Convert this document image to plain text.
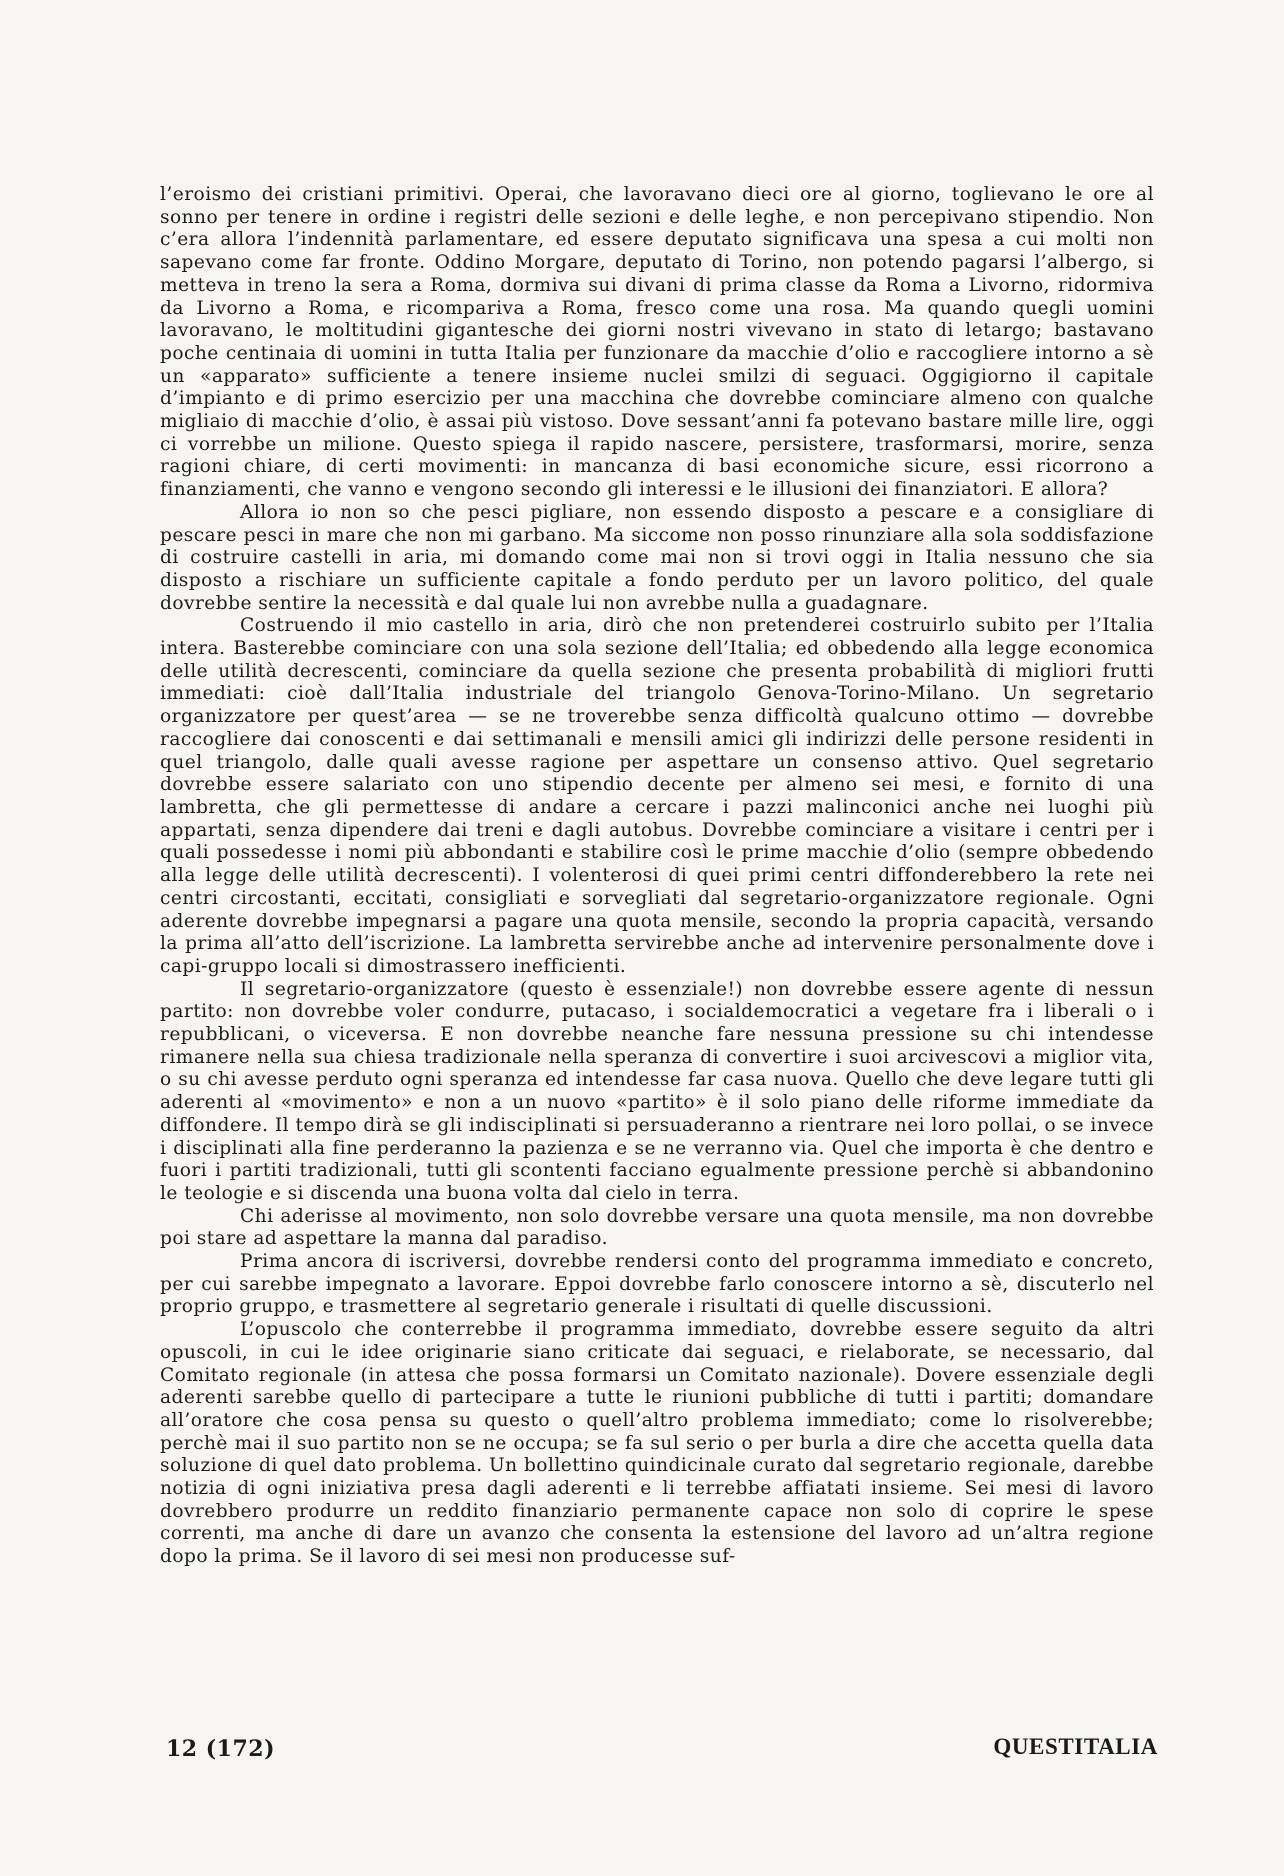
l’eroismo dei cristiani primitivi. Operai, che lavoravano dieci ore al giorno, toglievano le ore al sonno per tenere in ordine i registri delle sezioni e delle leghe, e non percepivano stipendio. Non c’era allora l’indennità parlamentare, ed essere deputato significava una spesa a cui molti non sapevano come far fronte. Oddino Morgare, deputato di Torino, non potendo pagarsi l’albergo, si metteva in treno la sera a Roma, dormiva sui divani di prima classe da Roma a Livorno, ridormiva da Livorno a Roma, e ricompariva a Roma, fresco come una rosa. Ma quando quegli uomini lavoravano, le moltitudini gigantesche dei giorni nostri vivevano in stato di letargo; bastavano poche centinaia di uomini in tutta Italia per funzionare da macchie d’olio e raccogliere intorno a sè un «apparato» sufficiente a tenere insieme nuclei smilzi di seguaci. Oggigiorno il capitale d’impianto e di primo esercizio per una macchina che dovrebbe cominciare almeno con qualche migliaio di macchie d’olio, è assai più vistoso. Dove sessant’anni fa potevano bastare mille lire, oggi ci vorrebbe un milione. Questo spiega il rapido nascere, persistere, trasformarsi, morire, senza ragioni chiare, di certi movimenti: in mancanza di basi economiche sicure, essi ricorrono a finanziamenti, che vanno e vengono secondo gli interessi e le illusioni dei finanziatori. E allora?

Allora io non so che pesci pigliare, non essendo disposto a pescare e a consigliare di pescare pesci in mare che non mi garbano. Ma siccome non posso rinunziare alla sola soddisfazione di costruire castelli in aria, mi domando come mai non si trovi oggi in Italia nessuno che sia disposto a rischiare un sufficiente capitale a fondo perduto per un lavoro politico, del quale dovrebbe sentire la necessità e dal quale lui non avrebbe nulla a guadagnare.

Costruendo il mio castello in aria, dirò che non pretenderei costruirlo subito per l’Italia intera. Basterebbe cominciare con una sola sezione dell’Italia; ed obbedendo alla legge economica delle utilità decrescenti, cominciare da quella sezione che presenta probabilità di migliori frutti immediati: cioè dall’Italia industriale del triangolo Genova-Torino-Milano. Un segretario organizzatore per quest’area — se ne troverebbe senza difficoltà qualcuno ottimo — dovrebbe raccogliere dai conoscenti e dai settimanali e mensili amici gli indirizzi delle persone residenti in quel triangolo, dalle quali avesse ragione per aspettare un consenso attivo. Quel segretario dovrebbe essere salariato con uno stipendio decente per almeno sei mesi, e fornito di una lambretta, che gli permettesse di andare a cercare i pazzi malinconici anche nei luoghi più appartati, senza dipendere dai treni e dagli autobus. Dovrebbe cominciare a visitare i centri per i quali possedesse i nomi più abbondanti e stabilire così le prime macchie d’olio (sempre obbedendo alla legge delle utilità decrescenti). I volenterosi di quei primi centri diffonderebbero la rete nei centri circostanti, eccitati, consigliati e sorvegliati dal segretario-organizzatore regionale. Ogni aderente dovrebbe impegnarsi a pagare una quota mensile, secondo la propria capacità, versando la prima all’atto dell’iscrizione. La lambretta servirebbe anche ad intervenire personalmente dove i capi-gruppo locali si dimostrassero inefficienti.

Il segretario-organizzatore (questo è essenziale!) non dovrebbe essere agente di nessun partito: non dovrebbe voler condurre, putacaso, i socialdemocratici a vegetare fra i liberali o i repubblicani, o viceversa. E non dovrebbe neanche fare nessuna pressione su chi intendesse rimanere nella sua chiesa tradizionale nella speranza di convertire i suoi arcivescovi a miglior vita, o su chi avesse perduto ogni speranza ed intendesse far casa nuova. Quello che deve legare tutti gli aderenti al «movimento» e non a un nuovo «partito» è il solo piano delle riforme immediate da diffondere. Il tempo dirà se gli indisciplinati si persuaderanno a rientrare nei loro pollai, o se invece i disciplinati alla fine perderanno la pazienza e se ne verranno via. Quel che importa è che dentro e fuori i partiti tradizionali, tutti gli scontenti facciano egualmente pressione perchè si abbandonino le teologie e si discenda una buona volta dal cielo in terra.

Chi aderisse al movimento, non solo dovrebbe versare una quota mensile, ma non dovrebbe poi stare ad aspettare la manna dal paradiso.

Prima ancora di iscriversi, dovrebbe rendersi conto del programma immediato e concreto, per cui sarebbe impegnato a lavorare. Eppoi dovrebbe farlo conoscere intorno a sè, discuterlo nel proprio gruppo, e trasmettere al segretario generale i risultati di quelle discussioni.

L’opuscolo che conterrebbe il programma immediato, dovrebbe essere seguito da altri opuscoli, in cui le idee originarie siano criticate dai seguaci, e rielaborate, se necessario, dal Comitato regionale (in attesa che possa formarsi un Comitato nazionale). Dovere essenziale degli aderenti sarebbe quello di partecipare a tutte le riunioni pubbliche di tutti i partiti; domandare all’oratore che cosa pensa su questo o quell’altro problema immediato; come lo risolverebbe; perchè mai il suo partito non se ne occupa; se fa sul serio o per burla a dire che accetta quella data soluzione di quel dato problema. Un bollettino quindicinale curato dal segretario regionale, darebbe notizia di ogni iniziativa presa dagli aderenti e li terrebbe affiatati insieme. Sei mesi di lavoro dovrebbero produrre un reddito finanziario permanente capace non solo di coprire le spese correnti, ma anche di dare un avanzo che consenta la estensione del lavoro ad un’altra regione dopo la prima. Se il lavoro di sei mesi non producesse suf-

12 (172)	QUESTITALIA
